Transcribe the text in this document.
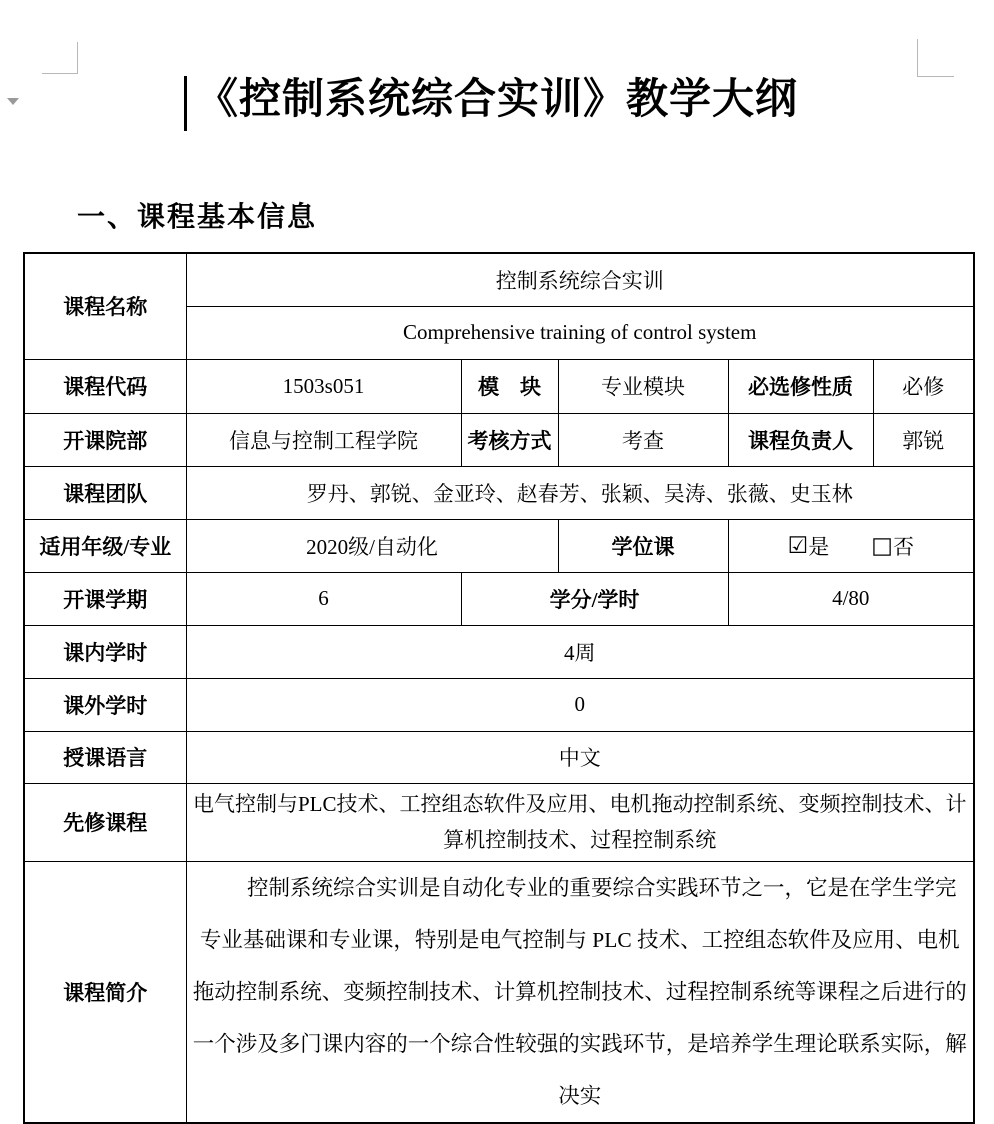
《控制系统综合实训》教学大纲
一、课程基本信息
课程名称	控制系统综合实训				
	Comprehensive training of control system				
课程代码	1503s051	模　块	专业模块	必选修性质	必修
开课院部	信息与控制工程学院	考核方式	考查	课程负责人	郭锐
课程团队	罗丹、郭锐、金亚玲、赵春芳、张颖、吴涛、张薇、史玉林				
适用年级/专业	2020级/自动化		学位课	☑是 □否	
开课学期	6	学分/学时		4/80	
课内学时	4周				
课外学时	0				
授课语言	中文				
先修课程	电气控制与PLC技术、工控组态软件及应用、电机拖动控制系统、变频控制技术、计算机控制技术、过程控制系统				
课程简介	控制系统综合实训是自动化专业的重要综合实践环节之一，它是在学生学完专业基础课和专业课，特别是电气控制与 PLC 技术、工控组态软件及应用、电机拖动控制系统、变频控制技术、计算机控制技术、过程控制系统等课程之后进行的一个涉及多门课内容的一个综合性较强的实践环节，是培养学生理论联系实际，解决实				
